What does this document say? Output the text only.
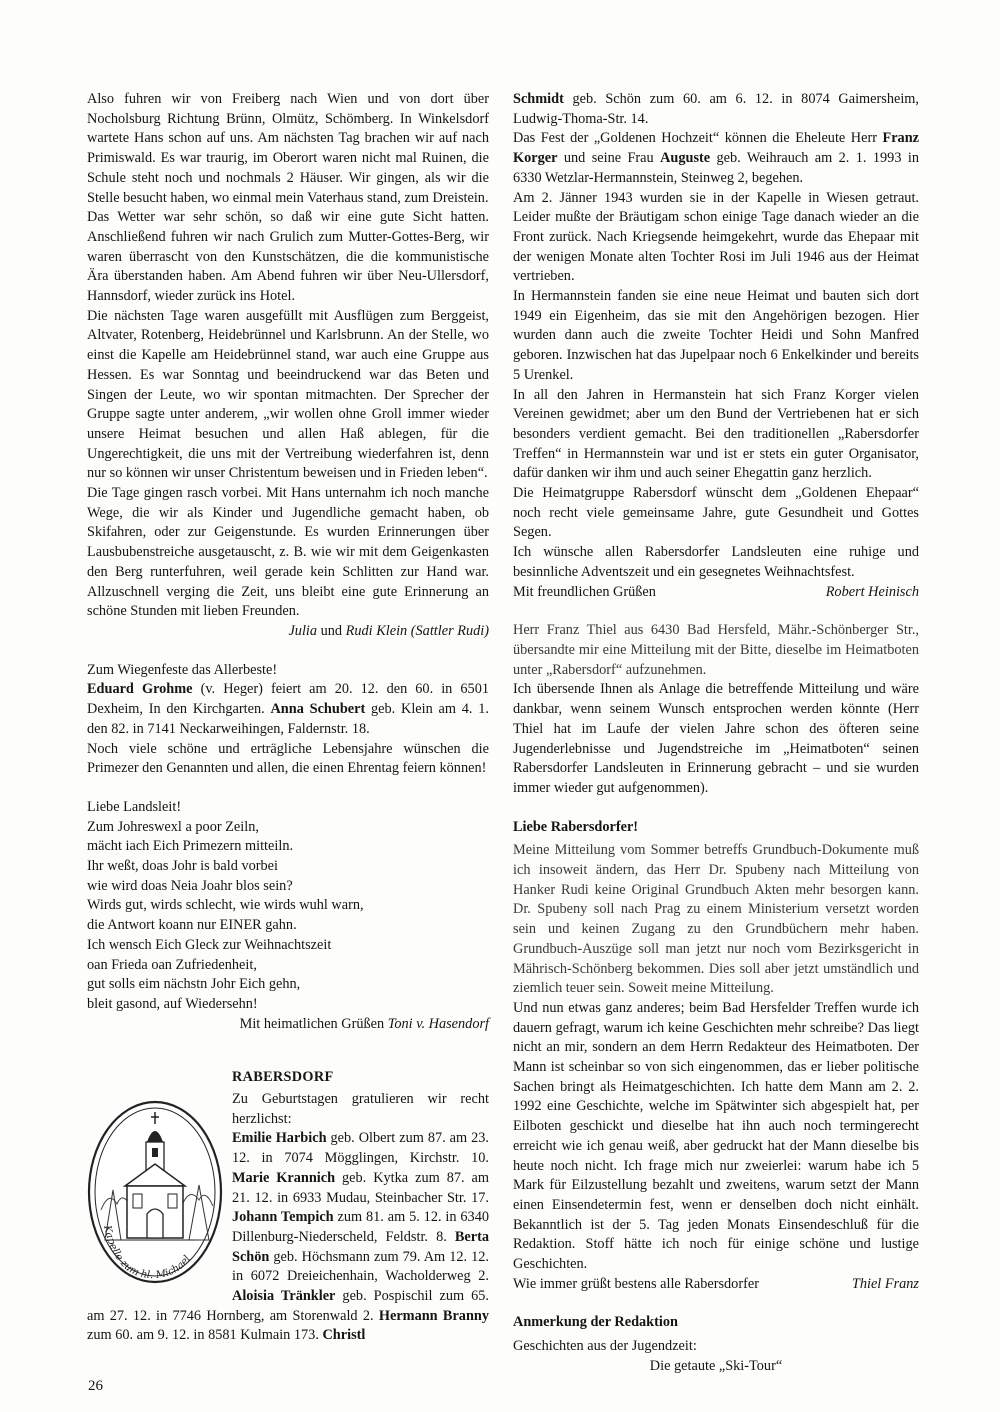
Also fuhren wir von Freiberg nach Wien und von dort über Nocholsburg Richtung Brünn, Olmütz, Schömberg. In Winkelsdorf wartete Hans schon auf uns. Am nächsten Tag brachen wir auf nach Primiswald. Es war traurig, im Oberort waren nicht mal Ruinen, die Schule steht noch und nochmals 2 Häuser. Wir gingen, als wir die Stelle besucht haben, wo einmal mein Vaterhaus stand, zum Dreistein.

Das Wetter war sehr schön, so daß wir eine gute Sicht hatten. Anschließend fuhren wir nach Grulich zum Mutter-Gottes-Berg, wir waren überrascht von den Kunstschätzen, die die kommunistische Ära überstanden haben. Am Abend fuhren wir über Neu-Ullersdorf, Hannsdorf, wieder zurück ins Hotel.

Die nächsten Tage waren ausgefüllt mit Ausflügen zum Berggeist, Altvater, Rotenberg, Heidebrünnel und Karlsbrunn. An der Stelle, wo einst die Kapelle am Heidebrünnel stand, war auch eine Gruppe aus Hessen. Es war Sonntag und beeindruckend war das Beten und Singen der Leute, wo wir spontan mitmachten. Der Sprecher der Gruppe sagte unter anderem, „wir wollen ohne Groll immer wieder unsere Heimat besuchen und allen Haß ablegen, für die Ungerechtigkeit, die uns mit der Vertreibung wiederfahren ist, denn nur so können wir unser Christentum beweisen und in Frieden leben“.

Die Tage gingen rasch vorbei. Mit Hans unternahm ich noch manche Wege, die wir als Kinder und Jugendliche gemacht haben, ob Skifahren, oder zur Geigenstunde. Es wurden Erinnerungen über Lausbubenstreiche ausgetauscht, z. B. wie wir mit dem Geigenkasten den Berg runterfuhren, weil gerade kein Schlitten zur Hand war. Allzuschnell verging die Zeit, uns bleibt eine gute Erinnerung an schöne Stunden mit lieben Freunden.

Julia und Rudi Klein (Sattler Rudi)

Zum Wiegenfeste das Allerbeste!

Eduard Grohme (v. Heger) feiert am 20. 12. den 60. in 6501 Dexheim, In den Kirchgarten. Anna Schubert geb. Klein am 4. 1. den 82. in 7141 Neckarweihingen, Faldernstr. 18.

Noch viele schöne und erträgliche Lebensjahre wünschen die Primezer den Genannten und allen, die einen Ehrentag feiern können!

Liebe Landsleit!

Zum Johreswexl a poor Zeiln,

mächt iach Eich Primezern mitteiln.

Ihr weßt, doas Johr is bald vorbei

wie wird doas Neia Joahr blos sein?

Wirds gut, wirds schlecht, wie wirds wuhl warn,

die Antwort koann nur EINER gahn.

Ich wensch Eich Gleck zur Weihnachtszeit

oan Frieda oan Zufriedenheit,

gut solls eim nächstn Johr Eich gehn,

bleit gasond, auf Wiedersehn!

Mit heimatlichen Grüßen Toni v. Hasendorf

RABERSDORF

Kapelle zum hl. Michael
Zu Geburtstagen gratulieren wir recht herzlichst:
Emilie Harbich geb. Olbert zum 87. am 23. 12. in 7074 Mögglingen, Kirchstr. 10. Marie Krannich geb. Kytka zum 87. am 21. 12. in 6933 Mudau, Steinbacher Str. 17. Johann Tempich zum 81. am 5. 12. in 6340 Dillenburg-Niederscheld, Feldstr. 8. Berta Schön geb. Höchsmann zum 79. Am 12. 12. in 6072 Dreieichenhain, Wacholderweg 2. Aloisia Tränkler geb. Pospischil zum 65. am 27. 12. in 7746 Hornberg, am Storenwald 2. Hermann Branny zum 60. am 9. 12. in 8581 Kulmain 173. Christl

Schmidt geb. Schön zum 60. am 6. 12. in 8074 Gaimersheim, Ludwig-Thoma-Str. 14.

Das Fest der „Goldenen Hochzeit“ können die Eheleute Herr Franz Korger und seine Frau Auguste geb. Weihrauch am 2. 1. 1993 in 6330 Wetzlar-Hermannstein, Steinweg 2, begehen.

Am 2. Jänner 1943 wurden sie in der Kapelle in Wiesen getraut. Leider mußte der Bräutigam schon einige Tage danach wieder an die Front zurück. Nach Kriegsende heimgekehrt, wurde das Ehepaar mit der wenigen Monate alten Tochter Rosi im Juli 1946 aus der Heimat vertrieben.

In Hermannstein fanden sie eine neue Heimat und bauten sich dort 1949 ein Eigenheim, das sie mit den Angehörigen bezogen. Hier wurden dann auch die zweite Tochter Heidi und Sohn Manfred geboren. Inzwischen hat das Jupelpaar noch 6 Enkelkinder und bereits 5 Urenkel.

In all den Jahren in Hermanstein hat sich Franz Korger vielen Vereinen gewidmet; aber um den Bund der Vertriebenen hat er sich besonders verdient gemacht. Bei den traditionellen „Rabersdorfer Treffen“ in Hermannstein war und ist er stets ein guter Organisator, dafür danken wir ihm und auch seiner Ehegattin ganz herzlich.

Die Heimatgruppe Rabersdorf wünscht dem „Goldenen Ehepaar“ noch recht viele gemeinsame Jahre, gute Gesundheit und Gottes Segen.

Ich wünsche allen Rabersdorfer Landsleuten eine ruhige und besinnliche Adventszeit und ein gesegnetes Weihnachtsfest.

Mit freundlichen Grüßen	Robert Heinisch

Herr Franz Thiel aus 6430 Bad Hersfeld, Mähr.-Schönberger Str., übersandte mir eine Mitteilung mit der Bitte, dieselbe im Heimatboten unter „Rabersdorf“ aufzunehmen.

Ich übersende Ihnen als Anlage die betreffende Mitteilung und wäre dankbar, wenn seinem Wunsch entsprochen werden könnte (Herr Thiel hat im Laufe der vielen Jahre schon des öfteren seine Jugenderlebnisse und Jugendstreiche im „Heimatboten“ seinen Rabersdorfer Landsleuten in Erinnerung gebracht – und sie wurden immer wieder gut aufgenommen).

Liebe Rabersdorfer!

Meine Mitteilung vom Sommer betreffs Grundbuch-Dokumente muß ich insoweit ändern, das Herr Dr. Spubeny nach Mitteilung von Hanker Rudi keine Original Grundbuch Akten mehr besorgen kann. Dr. Spubeny soll nach Prag zu einem Ministerium versetzt worden sein und keinen Zugang zu den Grundbüchern mehr haben. Grundbuch-Auszüge soll man jetzt nur noch vom Bezirksgericht in Mährisch-Schönberg bekommen. Dies soll aber jetzt umständlich und ziemlich teuer sein. Soweit meine Mitteilung.

Und nun etwas ganz anderes; beim Bad Hersfelder Treffen wurde ich dauern gefragt, warum ich keine Geschichten mehr schreibe? Das liegt nicht an mir, sondern an dem Herrn Redakteur des Heimatboten. Der Mann ist scheinbar so von sich eingenommen, das er lieber politische Sachen bringt als Heimatgeschichten. Ich hatte dem Mann am 2. 2. 1992 eine Geschichte, welche im Spätwinter sich abgespielt hat, per Eilboten geschickt und dieselbe hat ihn auch noch termingerecht erreicht wie ich genau weiß, aber gedruckt hat der Mann dieselbe bis heute noch nicht. Ich frage mich nur zweierlei: warum habe ich 5 Mark für Eilzustellung bezahlt und zweitens, warum setzt der Mann einen Einsendetermin fest, wenn er denselben doch nicht einhält. Bekanntlich ist der 5. Tag jeden Monats Einsendeschluß für die Redaktion. Stoff hätte ich noch für einige schöne und lustige Geschichten.

Wie immer grüßt bestens alle Rabersdorfer	Thiel Franz

Anmerkung der Redaktion

Geschichten aus der Jugendzeit:

Die getaute „Ski-Tour“

26
